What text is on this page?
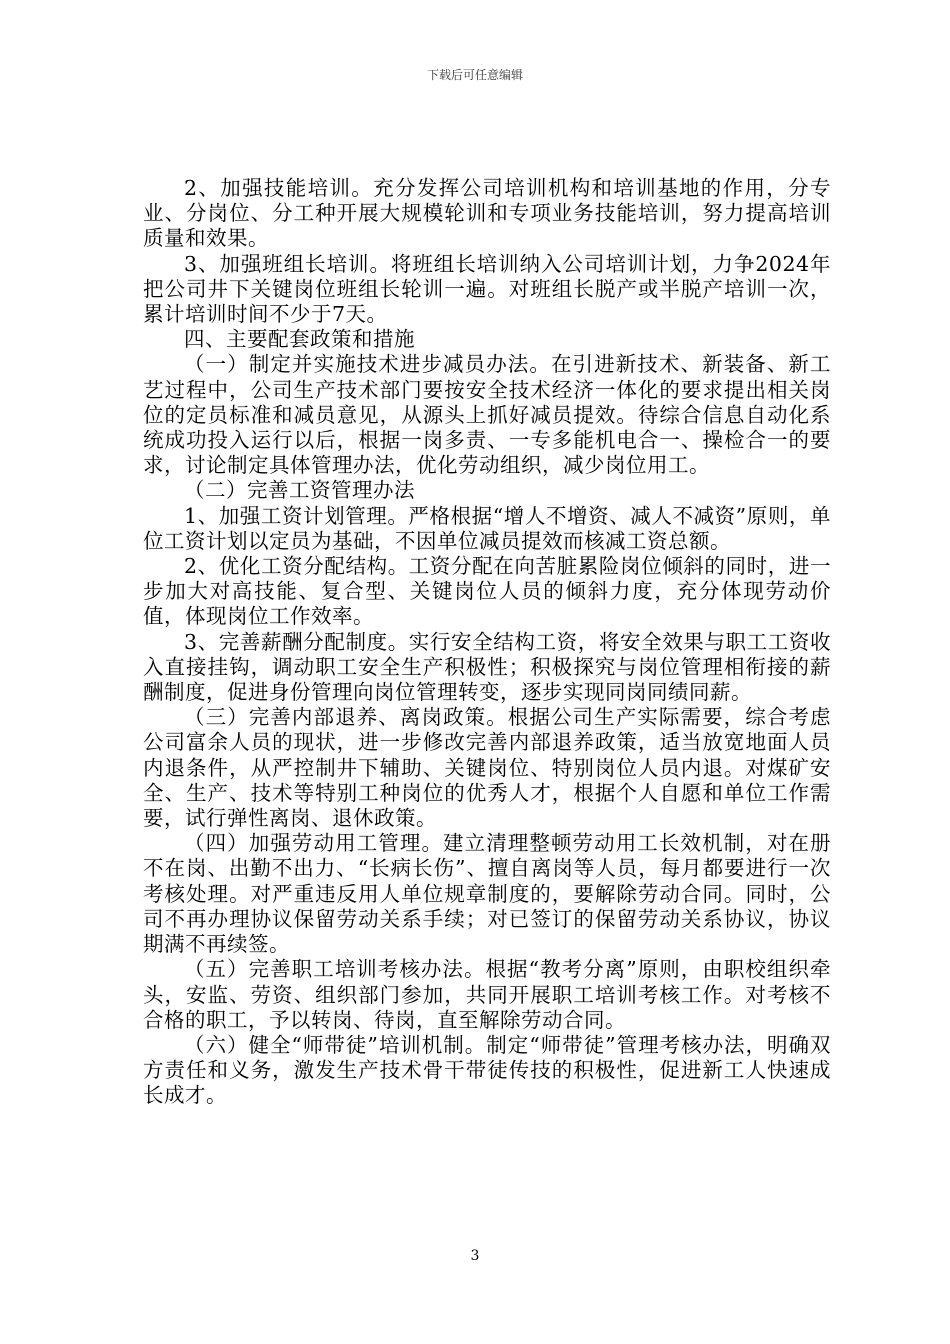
下载后可任意编辑

2、加强技能培训。充分发挥公司培训机构和培训基地的作用，分专业、分岗位、分工种开展大规模轮训和专项业务技能培训，努力提高培训质量和效果。

3、加强班组长培训。将班组长培训纳入公司培训计划，力争2024年把公司井下关键岗位班组长轮训一遍。对班组长脱产或半脱产培训一次，累计培训时间不少于7天。

四、主要配套政策和措施

（一）制定并实施技术进步减员办法。在引进新技术、新装备、新工艺过程中，公司生产技术部门要按安全技术经济一体化的要求提出相关岗位的定员标准和减员意见，从源头上抓好减员提效。待综合信息自动化系统成功投入运行以后，根据一岗多责、一专多能机电合一、操检合一的要求，讨论制定具体管理办法，优化劳动组织，减少岗位用工。

（二）完善工资管理办法

1、加强工资计划管理。严格根据“增人不增资、减人不减资”原则，单位工资计划以定员为基础，不因单位减员提效而核减工资总额。

2、优化工资分配结构。工资分配在向苦脏累险岗位倾斜的同时，进一步加大对高技能、复合型、关键岗位人员的倾斜力度，充分体现劳动价值，体现岗位工作效率。

3、完善薪酬分配制度。实行安全结构工资，将安全效果与职工工资收入直接挂钩，调动职工安全生产积极性；积极探究与岗位管理相衔接的薪酬制度，促进身份管理向岗位管理转变，逐步实现同岗同绩同薪。

（三）完善内部退养、离岗政策。根据公司生产实际需要，综合考虑公司富余人员的现状，进一步修改完善内部退养政策，适当放宽地面人员内退条件，从严控制井下辅助、关键岗位、特别岗位人员内退。对煤矿安全、生产、技术等特别工种岗位的优秀人才，根据个人自愿和单位工作需要，试行弹性离岗、退休政策。

（四）加强劳动用工管理。建立清理整顿劳动用工长效机制，对在册不在岗、出勤不出力、“长病长伤”、擅自离岗等人员，每月都要进行一次考核处理。对严重违反用人单位规章制度的，要解除劳动合同。同时，公司不再办理协议保留劳动关系手续；对已签订的保留劳动关系协议，协议期满不再续签。

（五）完善职工培训考核办法。根据“教考分离”原则，由职校组织牵头，安监、劳资、组织部门参加，共同开展职工培训考核工作。对考核不合格的职工，予以转岗、待岗，直至解除劳动合同。

（六）健全“师带徒”培训机制。制定“师带徒”管理考核办法，明确双方责任和义务，激发生产技术骨干带徒传技的积极性，促进新工人快速成长成才。

3
